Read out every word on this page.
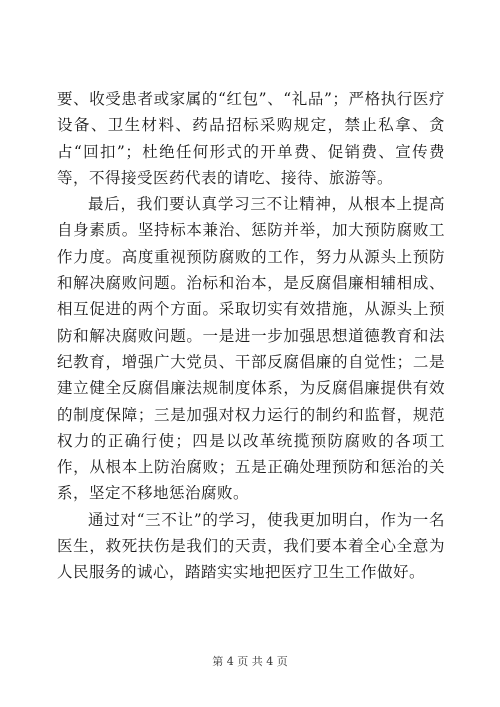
要、收受患者或家属的“红包”、“礼品”；严格执行医疗设备、卫生材料、药品招标采购规定，禁止私拿、贪占“回扣”；杜绝任何形式的开单费、促销费、宣传费等，不得接受医药代表的请吃、接待、旅游等。

最后，我们要认真学习三不让精神，从根本上提高自身素质。坚持标本兼治、惩防并举，加大预防腐败工作力度。高度重视预防腐败的工作，努力从源头上预防和解决腐败问题。治标和治本，是反腐倡廉相辅相成、相互促进的两个方面。采取切实有效措施，从源头上预防和解决腐败问题。一是进一步加强思想道德教育和法纪教育，增强广大党员、干部反腐倡廉的自觉性；二是建立健全反腐倡廉法规制度体系，为反腐倡廉提供有效的制度保障；三是加强对权力运行的制约和监督，规范权力的正确行使；四是以改革统揽预防腐败的各项工作，从根本上防治腐败；五是正确处理预防和惩治的关系，坚定不移地惩治腐败。

通过对“三不让”的学习，使我更加明白，作为一名医生，救死扶伤是我们的天责，我们要本着全心全意为人民服务的诚心，踏踏实实地把医疗卫生工作做好。

第 4 页 共 4 页
